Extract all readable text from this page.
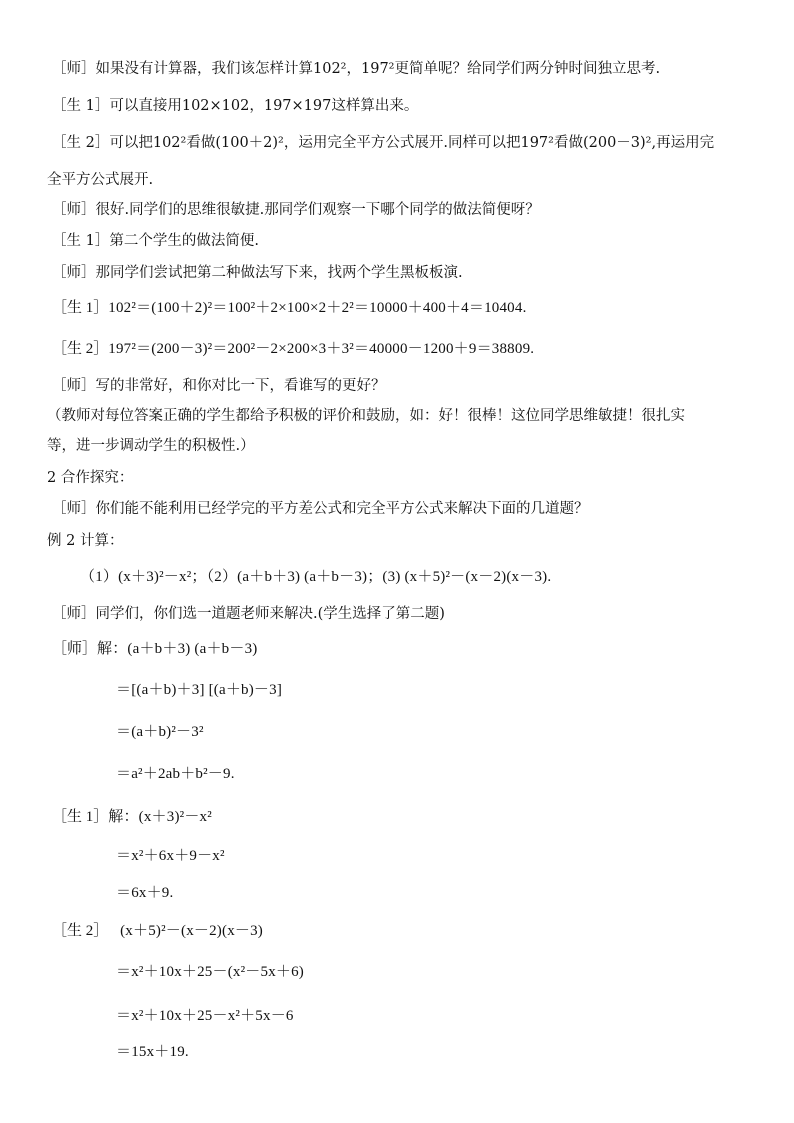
［师］如果没有计算器，我们该怎样计算102²，197²更简单呢？给同学们两分钟时间独立思考.
［生 1］可以直接用102×102，197×197这样算出来。
［生 2］可以把102²看做(100＋2)²，运用完全平方公式展开.同样可以把197²看做(200－3)²,再运用完
全平方公式展开.
［师］很好.同学们的思维很敏捷.那同学们观察一下哪个同学的做法简便呀？
［生 1］第二个学生的做法简便.
［师］那同学们尝试把第二种做法写下来，找两个学生黑板板演.
［生 1］102²＝(100＋2)²＝100²＋2×100×2＋2²＝10000＋400＋4＝10404.
［生 2］197²＝(200－3)²＝200²－2×200×3＋3²＝40000－1200＋9＝38809.
［师］写的非常好，和你对比一下，看谁写的更好？
（教师对每位答案正确的学生都给予积极的评价和鼓励，如：好！很棒！这位同学思维敏捷！很扎实
等，进一步调动学生的积极性.）
2 合作探究：
［师］你们能不能利用已经学完的平方差公式和完全平方公式来解决下面的几道题？
例 2 计算：
（1）(x＋3)²－x²；（2）(a＋b＋3) (a＋b－3)；(3) (x＋5)²－(x－2)(x－3).
［师］同学们，你们选一道题老师来解决.(学生选择了第二题)
［师］解：(a＋b＋3) (a＋b－3)
＝[(a＋b)＋3] [(a＋b)－3]
＝(a＋b)²－3²
＝a²＋2ab＋b²－9.
［生 1］解：(x＋3)²－x²
＝x²＋6x＋9－x²
＝6x＋9.
［生 2］   (x＋5)²－(x－2)(x－3)
＝x²＋10x＋25－(x²－5x＋6)
＝x²＋10x＋25－x²＋5x－6
＝15x＋19.
